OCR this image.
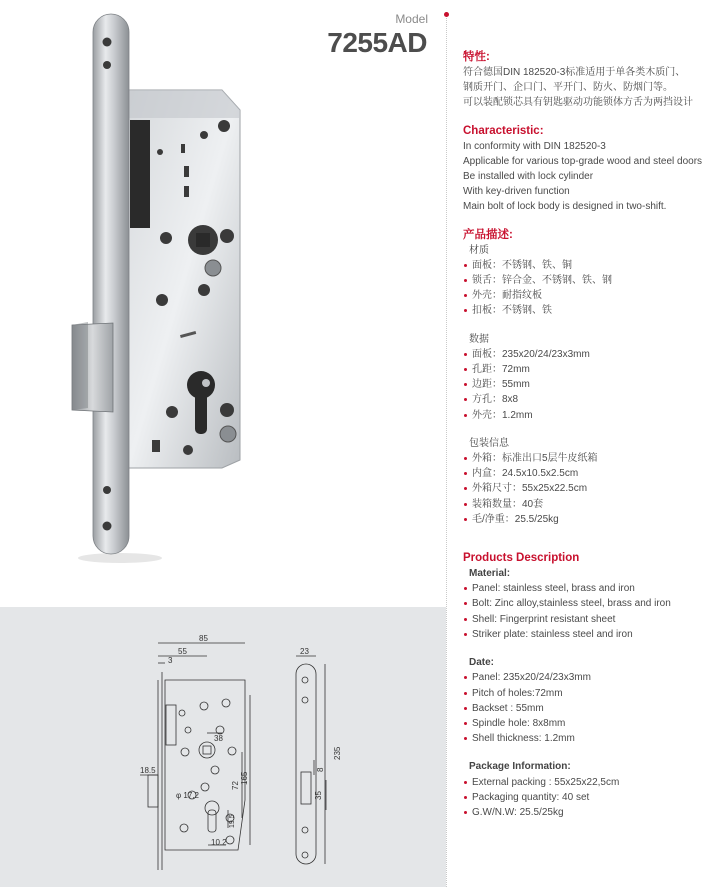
Model
7255AD
85
55
3
38
72
165
18.5
φ 17.2
19.5
10.2
23
235
8
35
特性:

符合德国DIN 182520-3标准适用于单各类木质门、

钢质开门、企口门、平开门、防火、防烟门等。

可以装配锁芯具有钥匙驱动功能锁体方舌为两挡设计

Characteristic:

In conformity with DIN 182520-3

Applicable for various top-grade wood and steel doors

Be installed with lock cylinder

With key-driven function

Main bolt of lock body is designed in two-shift.

产品描述:

材质

面板：不锈钢、铁、铜
锁舌：锌合金、不锈钢、铁、钢
外壳：耐指纹板
扣板：不锈钢、铁

数据

面板：235x20/24/23x3mm
孔距：72mm
边距：55mm
方孔：8x8
外壳：1.2mm

包装信息

外箱：标准出口5层牛皮纸箱
内盒：24.5x10.5x2.5cm
外箱尺寸：55x25x22.5cm
装箱数量：40套
毛/净重：25.5/25kg
Products Description

Material:

Panel: stainless steel, brass and iron
Bolt: Zinc alloy,stainless steel, brass and iron
Shell: Fingerprint resistant sheet
Striker plate: stainless steel and iron

Date:

Panel: 235x20/24/23x3mm
Pitch of holes:72mm
Backset : 55mm
Spindle hole: 8x8mm
Shell thickness: 1.2mm

Package Information:

External packing : 55x25x22,5cm
Packaging quantity: 40 set
G.W/N.W: 25.5/25kg
